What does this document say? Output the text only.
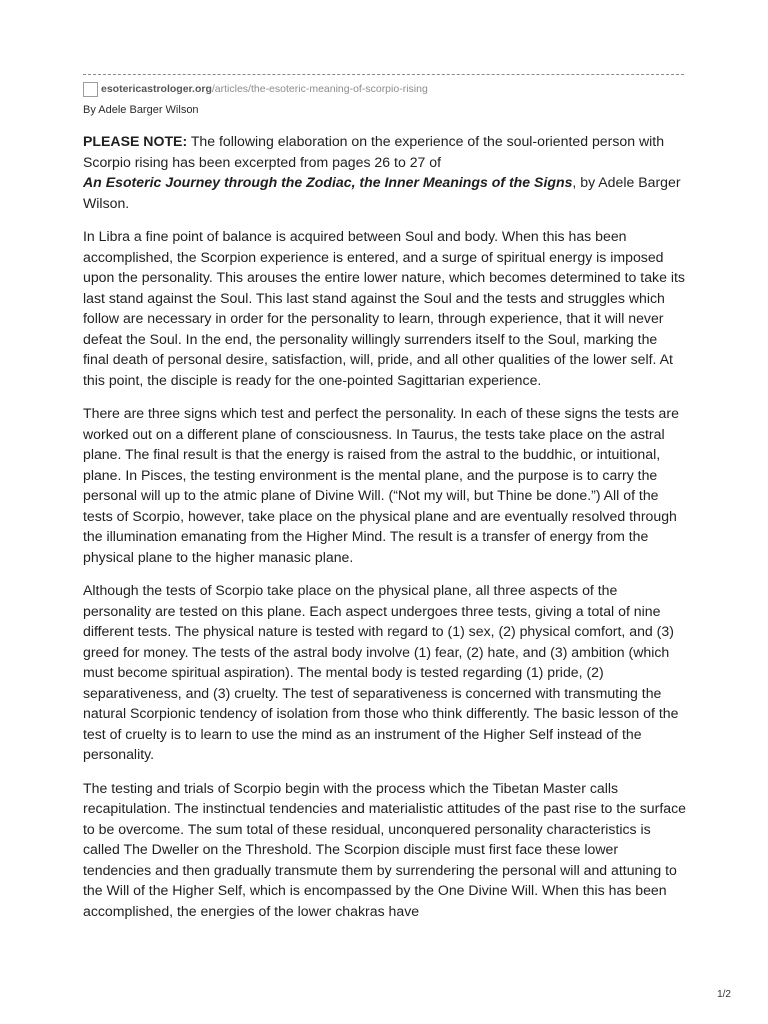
esotericastrologer.org /articles/the-esoteric-meaning-of-scorpio-rising
By Adele Barger Wilson

PLEASE NOTE: The following elaboration on the experience of the soul-oriented person with Scorpio rising has been excerpted from pages 26 to 27 of
An Esoteric Journey through the Zodiac, the Inner Meanings of the Signs, by Adele Barger Wilson.

In Libra a fine point of balance is acquired between Soul and body. When this has been accomplished, the Scorpion experience is entered, and a surge of spiritual energy is imposed upon the personality. This arouses the entire lower nature, which becomes determined to take its last stand against the Soul. This last stand against the Soul and the tests and struggles which follow are necessary in order for the personality to learn, through experience, that it will never defeat the Soul. In the end, the personality willingly surrenders itself to the Soul, marking the final death of personal desire, satisfaction, will, pride, and all other qualities of the lower self. At this point, the disciple is ready for the one-pointed Sagittarian experience.

There are three signs which test and perfect the personality. In each of these signs the tests are worked out on a different plane of consciousness. In Taurus, the tests take place on the astral plane. The final result is that the energy is raised from the astral to the buddhic, or intuitional, plane. In Pisces, the testing environment is the mental plane, and the purpose is to carry the personal will up to the atmic plane of Divine Will. (“Not my will, but Thine be done.”) All of the tests of Scorpio, however, take place on the physical plane and are eventually resolved through the illumination emanating from the Higher Mind. The result is a transfer of energy from the physical plane to the higher manasic plane.

Although the tests of Scorpio take place on the physical plane, all three aspects of the personality are tested on this plane. Each aspect undergoes three tests, giving a total of nine different tests. The physical nature is tested with regard to (1) sex, (2) physical comfort, and (3) greed for money. The tests of the astral body involve (1) fear, (2) hate, and (3) ambition (which must become spiritual aspiration). The mental body is tested regarding (1) pride, (2) separativeness, and (3) cruelty. The test of separativeness is concerned with transmuting the natural Scorpionic tendency of isolation from those who think differently. The basic lesson of the test of cruelty is to learn to use the mind as an instrument of the Higher Self instead of the personality.

The testing and trials of Scorpio begin with the process which the Tibetan Master calls recapitulation. The instinctual tendencies and materialistic attitudes of the past rise to the surface to be overcome. The sum total of these residual, unconquered personality characteristics is called The Dweller on the Threshold. The Scorpion disciple must first face these lower tendencies and then gradually transmute them by surrendering the personal will and attuning to the Will of the Higher Self, which is encompassed by the One Divine Will. When this has been accomplished, the energies of the lower chakras have

1/2
